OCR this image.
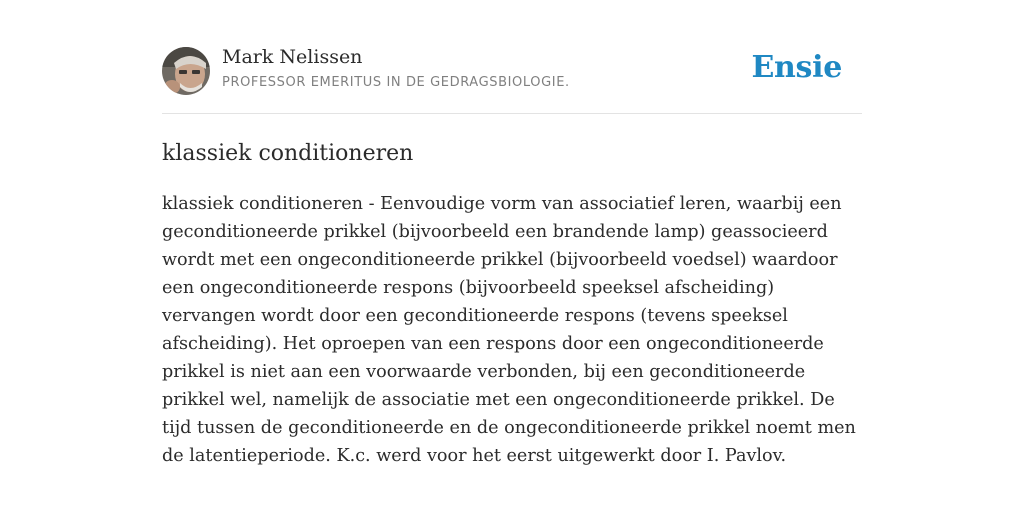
Mark Nelissen
PROFESSOR EMERITUS IN DE GEDRAGSBIOLOGIE.	Ensie
klassiek conditioneren

klassiek conditioneren - Eenvoudige vorm van associatief leren, waarbij een geconditioneerde prikkel (bijvoorbeeld een brandende lamp) geassocieerd wordt met een ongeconditioneerde prikkel (bijvoorbeeld voedsel) waardoor een ongeconditioneerde respons (bijvoorbeeld speeksel afscheiding) vervangen wordt door een geconditioneerde respons (tevens speeksel afscheiding). Het oproepen van een respons door een ongeconditioneerde prikkel is niet aan een voorwaarde verbonden, bij een geconditioneerde prikkel wel, namelijk de associatie met een ongeconditioneerde prikkel. De tijd tussen de geconditioneerde en de ongeconditioneerde prikkel noemt men de latentieperiode. K.c. werd voor het eerst uitgewerkt door I. Pavlov.
